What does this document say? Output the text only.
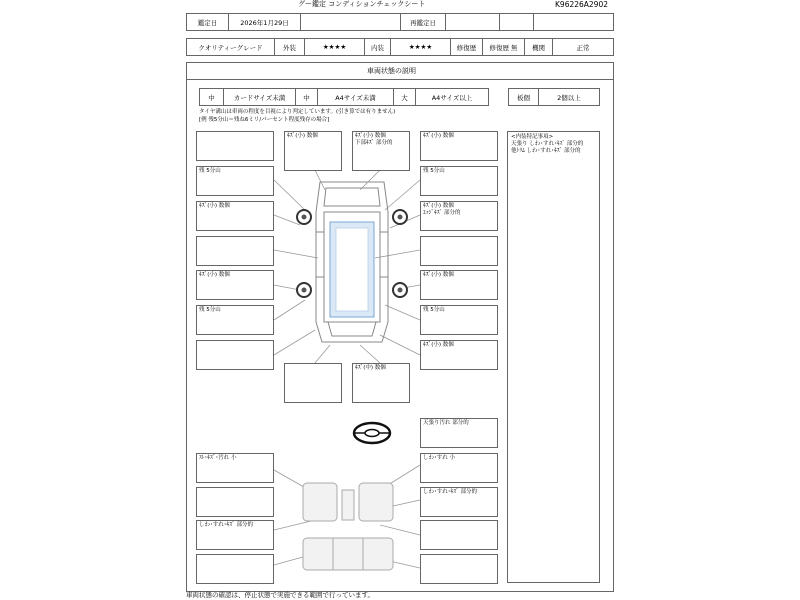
グー鑑定 コンディションチェックシート	K96226A2902
鑑定日	2026年1月29日	再鑑定日
クオリティーグレード	外装	★★★★	内装	★★★★	修復歴	修復歴 無	機関	正常
車両状態の説明
中	カードサイズ未満	中	A4サイズ未満	大	A4サイズ以上	板個	2個以上
タイヤ溝山は車両の程度を目視により判定しています。(引き算では有りません)
[例 残5分山＝残ね6ミリ/パーセント程度残存の場合]
<内装特記事項>
天張り しわ･すれ･ｷｽﾞ 部分的
他ﾄﾘﾑ しわ･すれ･ｷｽﾞ 部分的
残 5分山
ｷｽﾞ(小) 数個
ｷｽﾞ(小) 数個
残 5分山
ｽﾚ･ｷｽﾞ･汚れ 小
しわ･すれ･ｷｽﾞ 部分的
ｷｽﾞ(小) 数個	ｷｽﾞ(小) 数個
下部ｷｽﾞ 部分的
ｷｽﾞ(小) 数個
残 5分山
ｷｽﾞ(小) 数個
ｴｯｼﾞｷｽﾞ 部分的
ｷｽﾞ(小) 数個
残 5分山
ｷｽﾞ(小) 数個
ｷｽﾞ(中) 数個
天張り汚れ 部分的
しわ･すれ 小
しわ･すれ･ｷｽﾞ 部分的
車両状態の確認は、停止状態で実施できる範囲で行っています。
